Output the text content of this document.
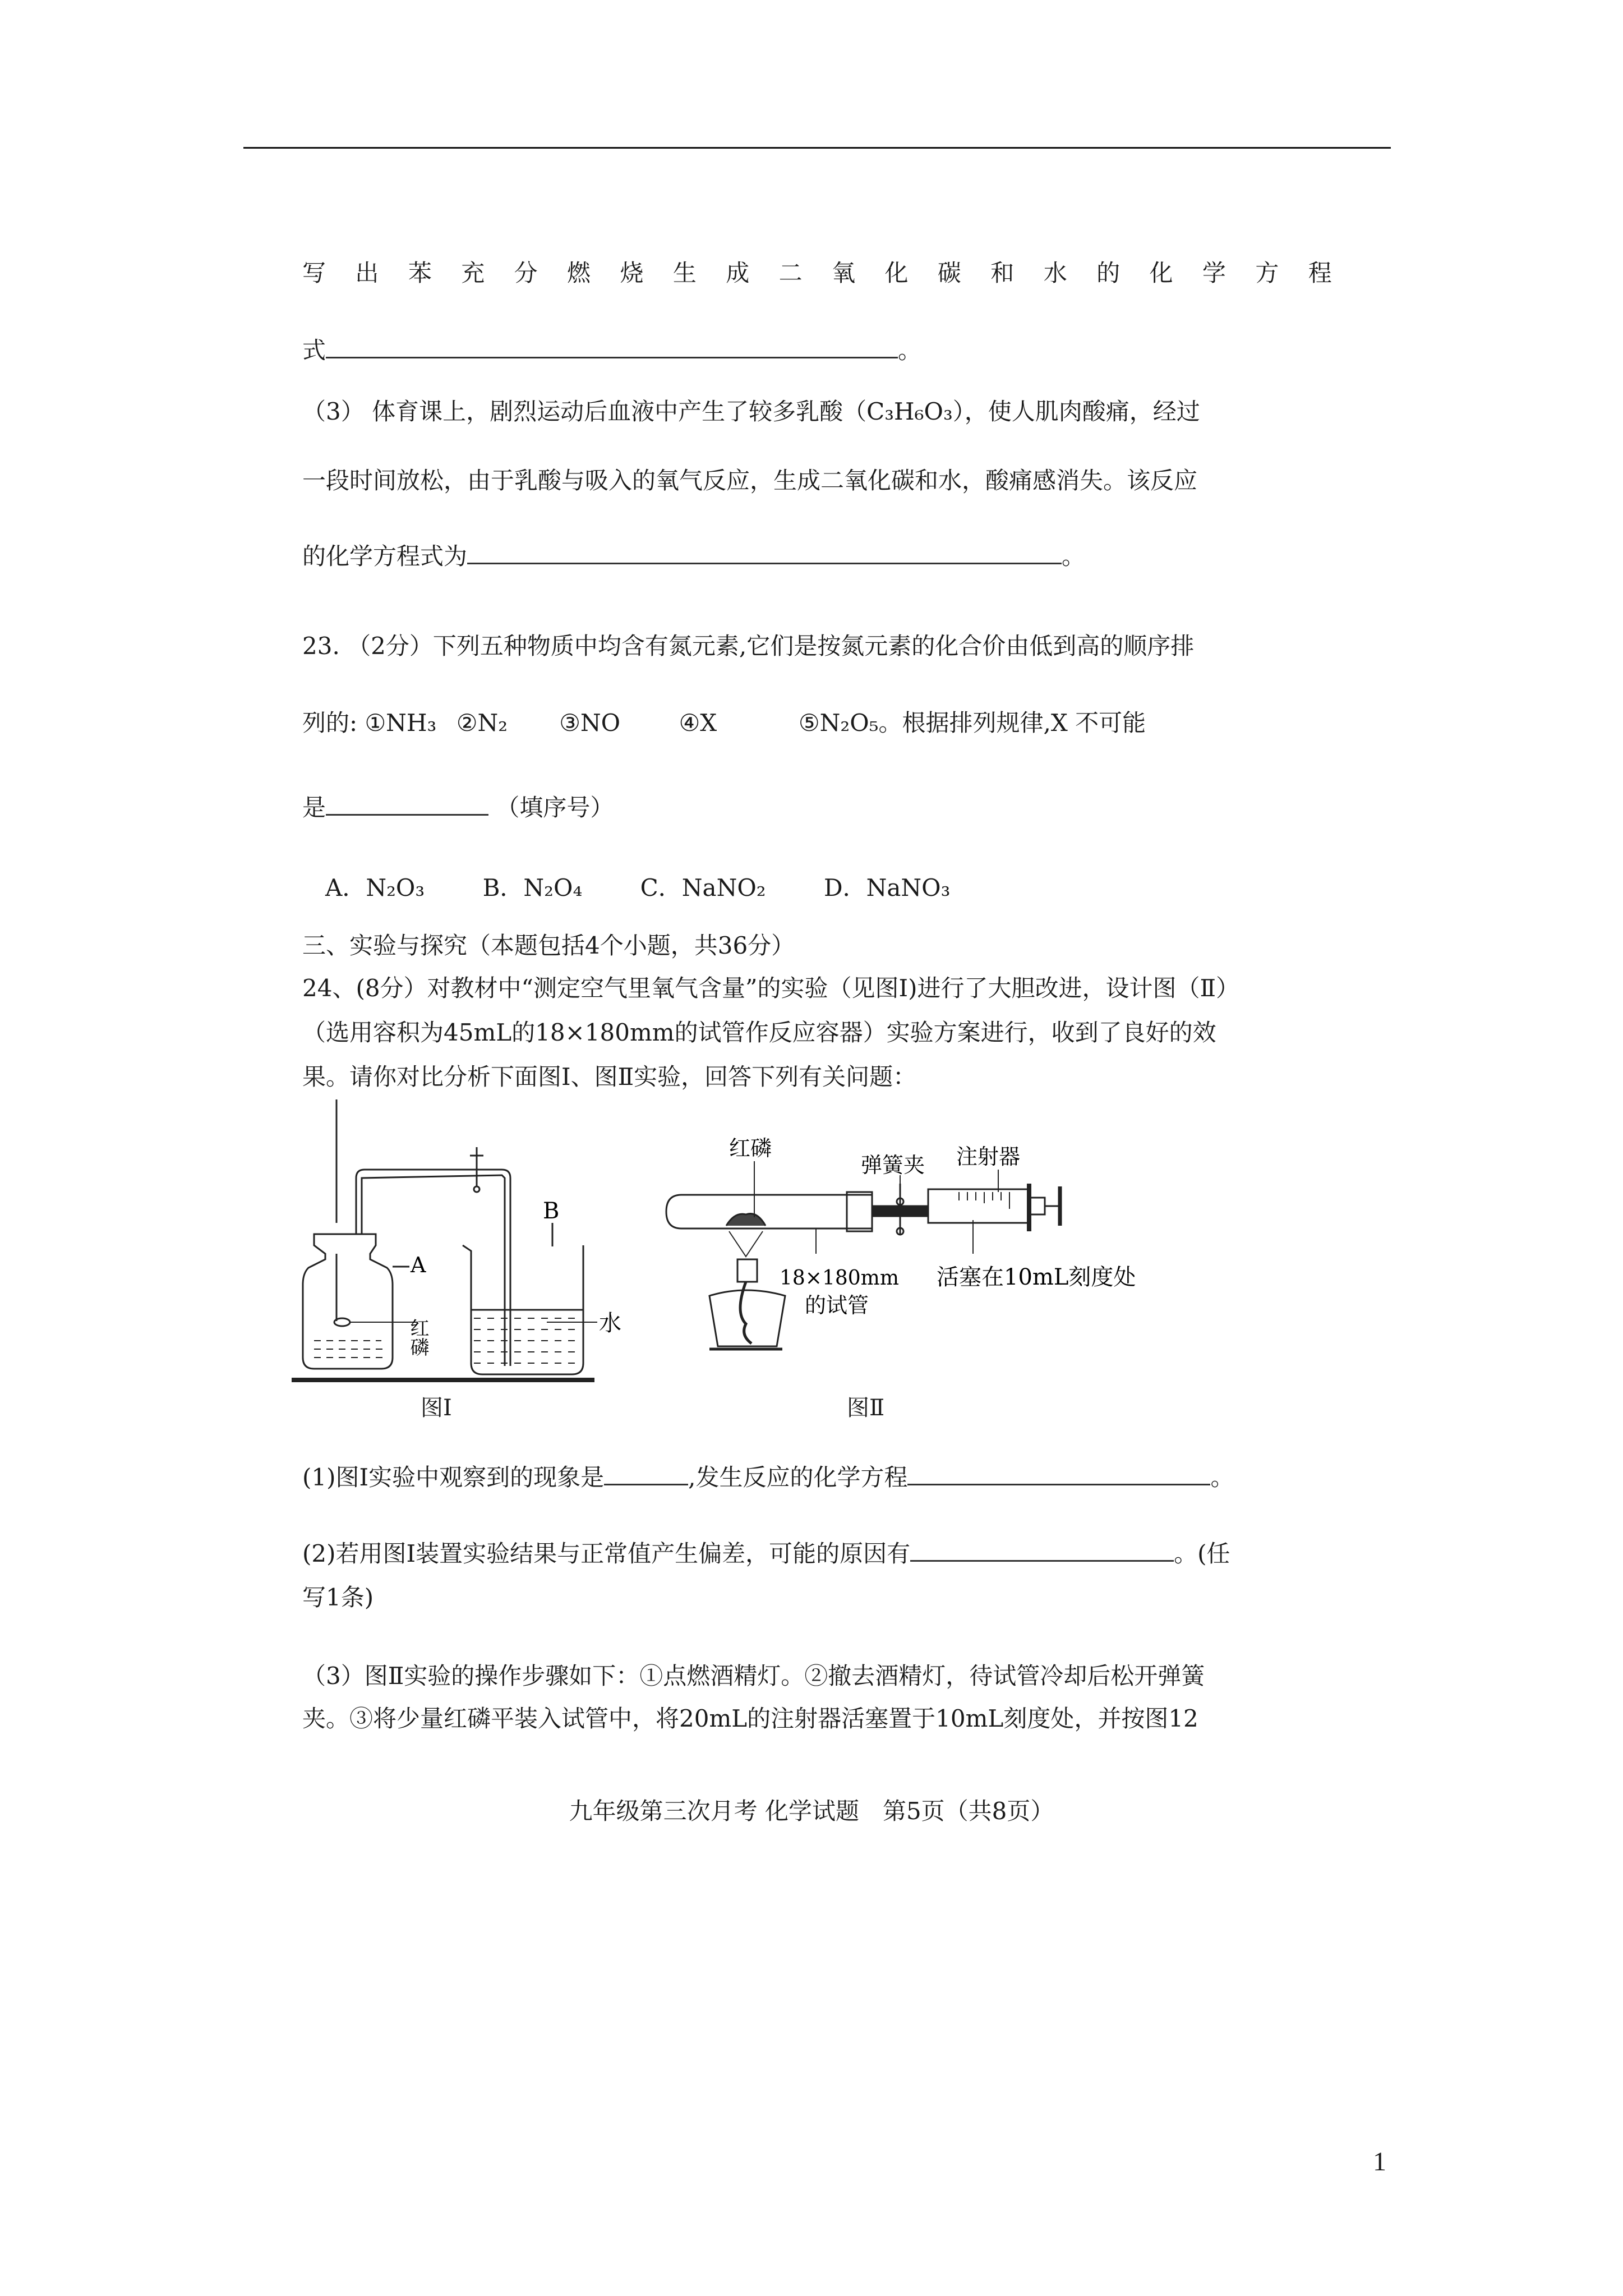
写 出 苯 充 分 燃 烧 生 成 二 氧 化 碳 和 水 的 化 学 方 程
式	。
（3） 体育课上，剧烈运动后血液中产生了较多乳酸（C₃H₆O₃），使人肌肉酸痛，经过
一段时间放松，由于乳酸与吸入的氧气反应，生成二氧化碳和水，酸痛感消失。该反应
的化学方程式为	。
23. （2分）下列五种物质中均含有氮元素,它们是按氮元素的化合价由低到高的顺序排
列的: ①NH₃ ②N₂ ③NO ④X	⑤N₂O₅。根据排列规律,X 不可能
是	（填序号）
A．N₂O₃ B．N₂O₄ C．NaNO₂ D．NaNO₃
三、实验与探究（本题包括4个小题，共36分）
24、(8分）对教材中“测定空气里氧气含量”的实验（见图Ⅰ)进行了大胆改进，设计图（Ⅱ）
（选用容积为45mL的18×180mm的试管作反应容器）实验方案进行，收到了良好的效
果。请你对比分析下面图Ⅰ、图Ⅱ实验，回答下列有关问题：
A
B
水
红磷
图Ⅰ
红磷
弹簧夹 注射器
18×180mm
的试管
活塞在10mL刻度处
图Ⅱ
(1)图Ⅰ实验中观察到的现象是	,发生反应的化学方程	。
(2)若用图Ⅰ装置实验结果与正常值产生偏差，可能的原因有	。(任
写1条)
（3）图Ⅱ实验的操作步骤如下：①点燃酒精灯。②撤去酒精灯，待试管冷却后松开弹簧
夹。③将少量红磷平装入试管中，将20mL的注射器活塞置于10mL刻度处，并按图12
九年级第三次月考 化学试题　第5页（共8页）
1
